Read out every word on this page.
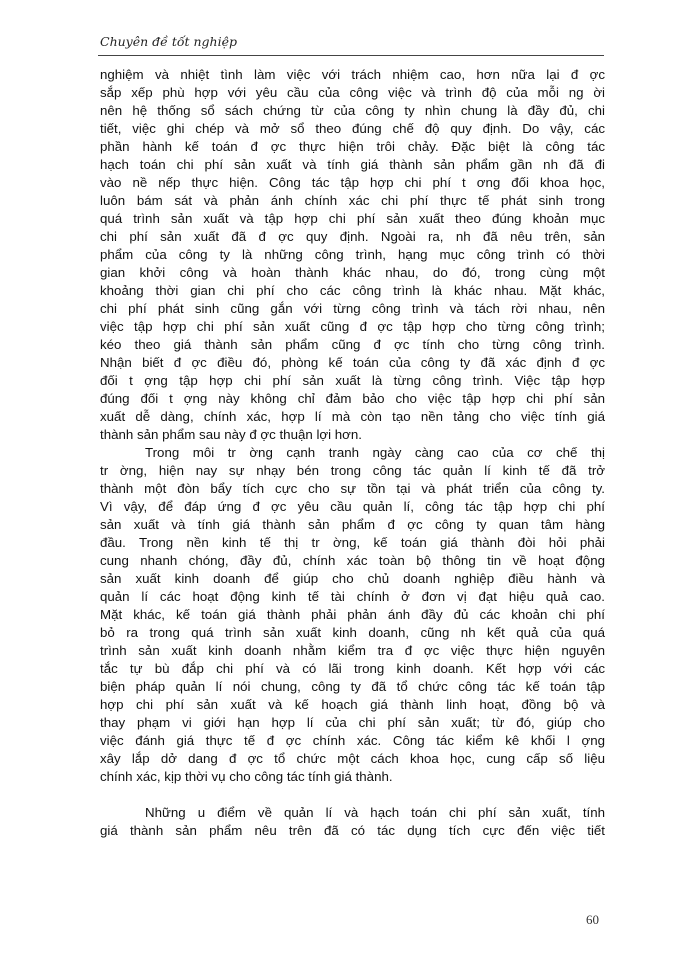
Chuyên đề tốt nghiệp
nghiệm và nhiệt tình làm việc với trách nhiệm cao, hơn nữa lại đ ợc
sắp xếp phù hợp với yêu cầu của công việc và trình độ của mỗi ng ời
nên hệ thống sổ sách chứng từ của công ty nhìn chung là đầy đủ, chi
tiết, việc ghi chép và mở sổ theo đúng chế độ quy định. Do vậy, các
phần hành kế toán đ ợc thực hiện trôi chảy. Đặc biệt là công tác
hạch toán chi phí sản xuất và tính giá thành sản phẩm gần nh đã đi
vào nề nếp thực hiện. Công tác tập hợp chi phí t ơng đối khoa học,
luôn bám sát và phản ánh chính xác chi phí thực tế phát sinh trong
quá trình sản xuất và tập hợp chi phí sản xuất theo đúng khoản mục
chi phí sản xuất đã đ ợc quy định. Ngoài ra, nh đã nêu trên, sản
phẩm của công ty là những công trình, hạng mục công trình có thời
gian khởi công và hoàn thành khác nhau, do đó, trong cùng một
khoảng thời gian chi phí cho các công trình là khác nhau. Mặt khác,
chi phí phát sinh cũng gắn với từng công trình và tách rời nhau, nên
việc tập hợp chi phí sản xuất cũng đ ợc tập hợp cho từng công trình;
kéo theo giá thành sản phẩm cũng đ ợc tính cho từng công trình.
Nhận biết đ ợc điều đó, phòng kế toán của công ty đã xác định đ ợc
đối t ợng tập hợp chi phí sản xuất là từng công trình. Việc tập hợp
đúng đối t ợng này không chỉ đảm bảo cho việc tập hợp chi phí sản
xuất dễ dàng, chính xác, hợp lí mà còn tạo nền tảng cho việc tính giá
thành sản phẩm sau này đ ợc thuận lợi hơn.
Trong môi tr ờng cạnh tranh ngày càng cao của cơ chế thị
tr ờng, hiện nay sự nhạy bén trong công tác quản lí kinh tế đã trở
thành một đòn bẩy tích cực cho sự tồn tại và phát triển của công ty.
Vì vậy, để đáp ứng đ ợc yêu cầu quản lí, công tác tập hợp chi phí
sản xuất và tính giá thành sản phẩm đ ợc công ty quan tâm hàng
đầu. Trong nền kinh tế thị tr ờng, kế toán giá thành đòi hỏi phải
cung nhanh chóng, đầy đủ, chính xác toàn bộ thông tin về hoạt động
sản xuất kinh doanh để giúp cho chủ doanh nghiệp điều hành và
quản lí các hoạt động kinh tế tài chính ở đơn vị đạt hiệu quả cao.
Mặt khác, kế toán giá thành phải phản ánh đầy đủ các khoản chi phí
bỏ ra trong quá trình sản xuất kinh doanh, cũng nh kết quả của quá
trình sản xuất kinh doanh nhằm kiểm tra đ ợc việc thực hiện nguyên
tắc tự bù đắp chi phí và có lãi trong kinh doanh. Kết hợp với các
biện pháp quản lí nói chung, công ty đã tổ chức công tác kế toán tập
hợp chi phí sản xuất và kế hoạch giá thành linh hoạt, đồng bộ và
thay phạm vi giới hạn hợp lí của chi phí sản xuất; từ đó, giúp cho
việc đánh giá thực tế đ ợc chính xác. Công tác kiểm kê khối l ợng
xây lắp dở dang đ ợc tổ chức một cách khoa học, cung cấp số liệu
chính xác, kịp thời vụ cho công tác tính giá thành.
Những u điểm về quản lí và hạch toán chi phí sản xuất, tính
giá thành sản phẩm nêu trên đã có tác dụng tích cực đến việc tiết
60
